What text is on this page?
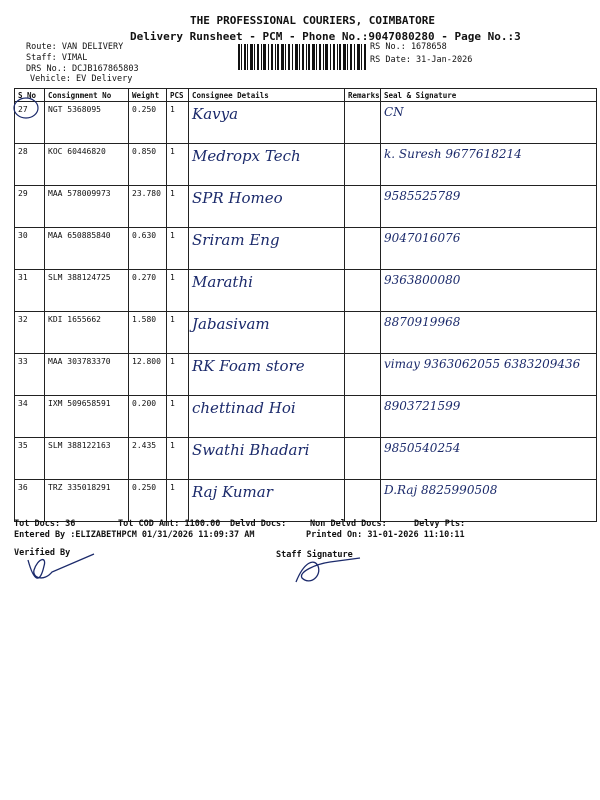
THE PROFESSIONAL COURIERS, COIMBATORE
Delivery Runsheet - PCM - Phone No.:9047080280 - Page No.:3
Route: VAN DELIVERY
Staff: VIMAL
DRS No.: DCJB167865803
Vehicle: EV Delivery
RS No.: 1678658
RS Date: 31-Jan-2026
S No	Consignment No	Weight	PCS	Consignee Details	Remarks	Seal & Signature
27	NGT 5368095	0.250	1	Kavya		CN
28	KOC 60446820	0.850	1	Medropx Tech		k. Suresh 9677618214
29	MAA 578009973	23.780	1	SPR Homeo		9585525789
30	MAA 650885840	0.630	1	Sriram Eng		9047016076
31	SLM 388124725	0.270	1	Marathi		9363800080
32	KDI 1655662	1.580	1	Jabasivam		8870919968
33	MAA 303783370	12.800	1	RK Foam store		vimay 9363062055 6383209436
34	IXM 509658591	0.200	1	chettinad Hoi		8903721599
35	SLM 388122163	2.435	1	Swathi Bhadari		9850540254
36	TRZ 335018291	0.250	1	Raj Kumar		D.Raj 8825990508
Tot Docs: 36	Tot COD Amt: 1100.00 Delvd Docs:	Non Delvd Docs:	Delvy Pts:
Entered By :ELIZABETHPCM 01/31/2026 11:09:37 AM	Printed On: 31-01-2026 11:10:11
Verified By	Staff Signature
